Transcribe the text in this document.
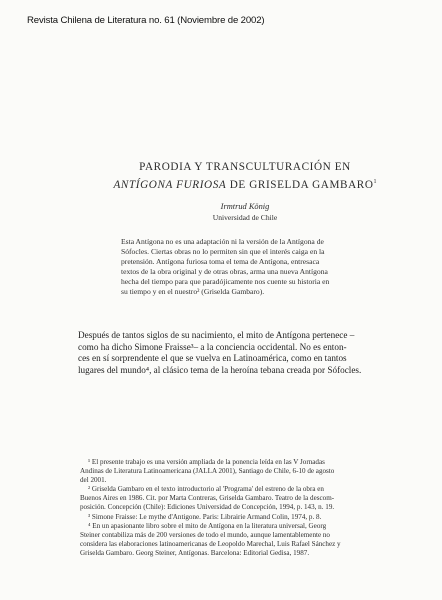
Revista Chilena de Literatura no. 61 (Noviembre de 2002)
PARODIA Y TRANSCULTURACIÓN EN
ANTÍGONA FURIOSA DE GRISELDA GAMBARO$^1$
Irmtrud König
Universidad de Chile
Esta Antígona no es una adaptación ni la versión de la Antígona de
Sófocles. Ciertas obras no lo permiten sin que el interés caiga en la
pretensión. Antígona furiosa toma el tema de Antígona, entresaca
textos de la obra original y de otras obras, arma una nueva Antígona
hecha del tiempo para que paradójicamente nos cuente su historia en
su tiempo y en el nuestro² (Griselda Gambaro).
Después de tantos siglos de su nacimiento, el mito de Antígona pertenece –
como ha dicho Simone Fraisse³– a la conciencia occidental. No es enton-
ces en sí sorprendente el que se vuelva en Latinoamérica, como en tantos
lugares del mundo⁴, al clásico tema de la heroína tebana creada por Sófocles.
¹ El presente trabajo es una versión ampliada de la ponencia leída en las V Jornadas
Andinas de Literatura Latinoamericana (JALLA 2001), Santiago de Chile, 6-10 de agosto
del 2001.
² Griselda Gambaro en el texto introductorio al 'Programa' del estreno de la obra en
Buenos Aires en 1986. Cit. por Marta Contreras, Griselda Gambaro. Teatro de la descom-
posición. Concepción (Chile): Ediciones Universidad de Concepción, 1994, p. 143, n. 19.
³ Simone Fraisse: Le mythe d'Antigone. Paris: Librairie Armand Colin, 1974, p. 8.
⁴ En un apasionante libro sobre el mito de Antígona en la literatura universal, Georg
Steiner contabiliza más de 200 versiones de todo el mundo, aunque lamentablemente no
considera las elaboraciones latinoamericanas de Leopoldo Marechal, Luis Rafael Sánchez y
Griselda Gambaro. Georg Steiner, Antígonas. Barcelona: Editorial Gedisa, 1987.
